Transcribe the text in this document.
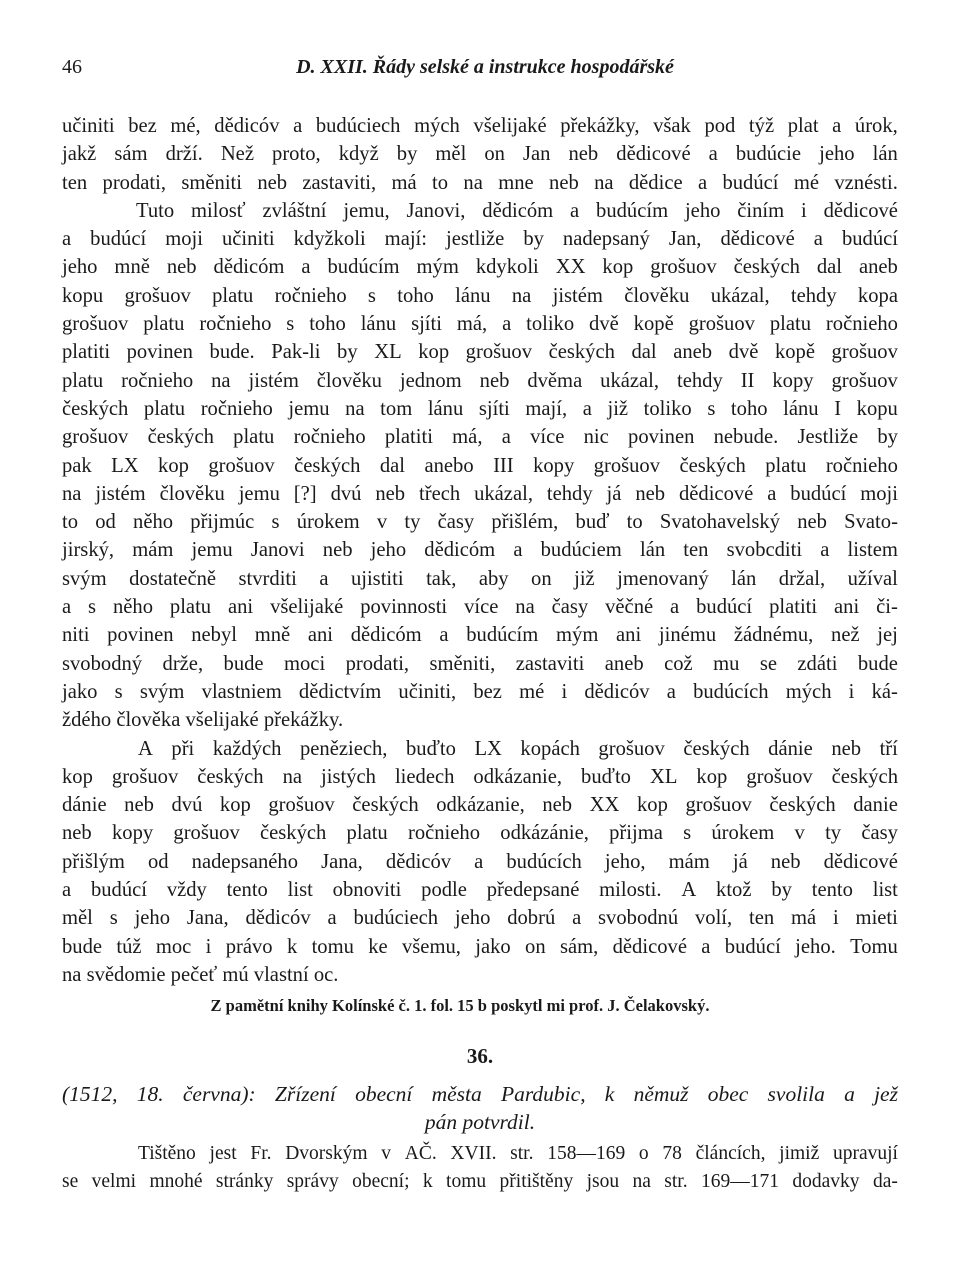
46	D. XXII. Řády selské a instrukce hospodářské
učiniti bez mé, dědicóv a budúciech mých všelijaké překážky, však pod týž plat a úrok,
jakž sám drží. Než proto, když by měl on Jan neb dědicové a budúcie jeho lán
ten prodati, směniti neb zastaviti, má to na mne neb na dědice a budúcí mé vznésti.
Tuto milosť zvláštní jemu, Janovi, dědicóm a budúcím jeho činím i dědicové
a budúcí moji učiniti kdyžkoli mají: jestliže by nadepsaný Jan, dědicové a budúcí
jeho mně neb dědicóm a budúcím mým kdykoli XX kop grošuov českých dal aneb
kopu grošuov platu ročnieho s toho lánu na jistém člověku ukázal, tehdy kopa
grošuov platu ročnieho s toho lánu sjíti má, a toliko dvě kopě grošuov platu ročnieho
platiti povinen bude. Pak-li by XL kop grošuov českých dal aneb dvě kopě grošuov
platu ročnieho na jistém člověku jednom neb dvěma ukázal, tehdy II kopy grošuov
českých platu ročnieho jemu na tom lánu sjíti mají, a již toliko s toho lánu I kopu
grošuov českých platu ročnieho platiti má, a více nic povinen nebude. Jestliže by
pak LX kop grošuov českých dal anebo III kopy grošuov českých platu ročnieho
na jistém člověku jemu [?] dvú neb třech ukázal, tehdy já neb dědicové a budúcí moji
to od něho přijmúc s úrokem v ty časy přišlém, buď to Svatohavelský neb Svato-
jirský, mám jemu Janovi neb jeho dědicóm a budúciem lán ten svobcditi a listem
svým dostatečně stvrditi a ujistiti tak, aby on již jmenovaný lán držal, užíval
a s něho platu ani všelijaké povinnosti více na časy věčné a budúcí platiti ani či-
niti povinen nebyl mně ani dědicóm a budúcím mým ani jinému žádnému, než jej
svobodný drže, bude moci prodati, směniti, zastaviti aneb což mu se zdáti bude
jako s svým vlastniem dědictvím učiniti, bez mé i dědicóv a budúcích mých i ká-
ždého člověka všelijaké překážky.
A při každých peněziech, buďto LX kopách grošuov českých dánie neb tří
kop grošuov českých na jistých liedech odkázanie, buďto XL kop grošuov českých
dánie neb dvú kop grošuov českých odkázanie, neb XX kop grošuov českých danie
neb kopy grošuov českých platu ročnieho odkázánie, přijma s úrokem v ty časy
přišlým od nadepsaného Jana, dědicóv a budúcích jeho, mám já neb dědicové
a budúcí vždy tento list obnoviti podle předepsané milosti. A ktož by tento list
měl s jeho Jana, dědicóv a budúciech jeho dobrú a svobodnú volí, ten má i mieti
bude túž moc i právo k tomu ke všemu, jako on sám, dědicové a budúcí jeho. Tomu
na svědomie pečeť mú vlastní oc.
Z pamětní knihy Kolínské č. 1. fol. 15 b poskytl mi prof. J. Čelakovský.
36.
(1512, 18. června): Zřízení obecní města Pardubic, k němuž obec svolila a jež
pán potvrdil.
Tištěno jest Fr. Dvorským v AČ. XVII. str. 158—169 o 78 článcích, jimiž upravují
se velmi mnohé stránky správy obecní; k tomu přitištěny jsou na str. 169—171 dodavky da-
